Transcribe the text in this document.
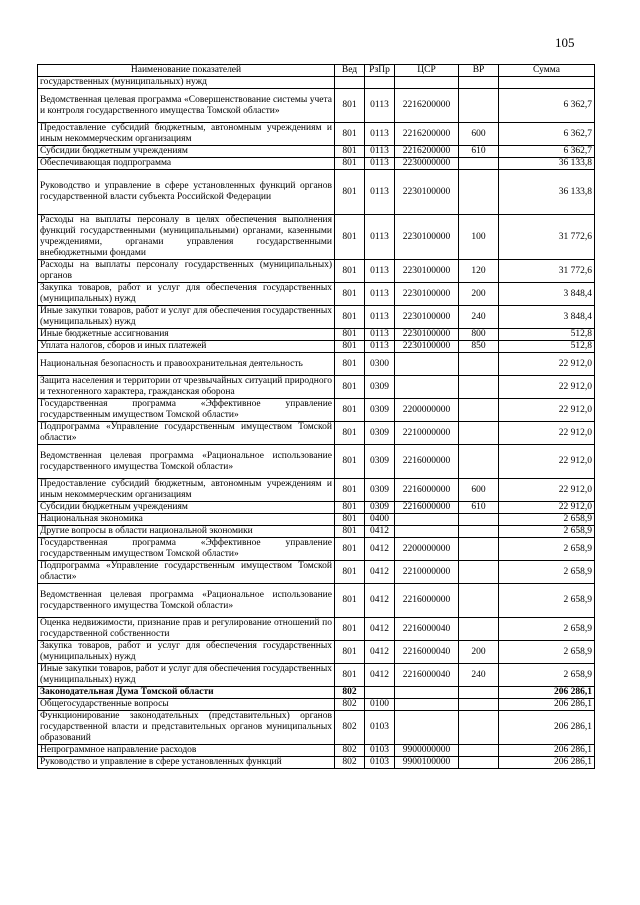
105
Наименование показателей	Вед	РзПр	ЦСР	ВР	Сумма
государственных (муниципальных) нужд					
Ведомственная целевая программа «Совершенствование системы учета и контроля государственного имущества Томской области»	801	0113	2216200000		6 362,7
Предоставление субсидий бюджетным, автономным учреждениям и иным некоммерческим организациям	801	0113	2216200000	600	6 362,7
Субсидии бюджетным учреждениям	801	0113	2216200000	610	6 362,7
Обеспечивающая подпрограмма	801	0113	2230000000		36 133,8
Руководство и управление в сфере установленных функций органов государственной власти субъекта Российской Федерации	801	0113	2230100000		36 133,8
Расходы на выплаты персоналу в целях обеспечения выполнения функций государственными (муниципальными) органами, казенными учреждениями, органами управления государственными внебюджетными фондами	801	0113	2230100000	100	31 772,6
Расходы на выплаты персоналу государственных (муниципальных) органов	801	0113	2230100000	120	31 772,6
Закупка товаров, работ и услуг для обеспечения государственных (муниципальных) нужд	801	0113	2230100000	200	3 848,4
Иные закупки товаров, работ и услуг для обеспечения государственных (муниципальных) нужд	801	0113	2230100000	240	3 848,4
Иные бюджетные ассигнования	801	0113	2230100000	800	512,8
Уплата налогов, сборов и иных платежей	801	0113	2230100000	850	512,8
Национальная безопасность и правоохранительная деятельность	801	0300			22 912,0
Защита населения и территории от чрезвычайных ситуаций природного и техногенного характера, гражданская оборона	801	0309			22 912,0
Государственная программа «Эффективное управление государственным имуществом Томской области»	801	0309	2200000000		22 912,0
Подпрограмма «Управление государственным имуществом Томской области»	801	0309	2210000000		22 912,0
Ведомственная целевая программа «Рациональное использование государственного имущества Томской области»	801	0309	2216000000		22 912,0
Предоставление субсидий бюджетным, автономным учреждениям и иным некоммерческим организациям	801	0309	2216000000	600	22 912,0
Субсидии бюджетным учреждениям	801	0309	2216000000	610	22 912,0
Национальная экономика	801	0400			2 658,9
Другие вопросы в области национальной экономики	801	0412			2 658,9
Государственная программа «Эффективное управление государственным имуществом Томской области»	801	0412	2200000000		2 658,9
Подпрограмма «Управление государственным имуществом Томской области»	801	0412	2210000000		2 658,9
Ведомственная целевая программа «Рациональное использование государственного имущества Томской области»	801	0412	2216000000		2 658,9
Оценка недвижимости, признание прав и регулирование отношений по государственной собственности	801	0412	2216000040		2 658,9
Закупка товаров, работ и услуг для обеспечения государственных (муниципальных) нужд	801	0412	2216000040	200	2 658,9
Иные закупки товаров, работ и услуг для обеспечения государственных (муниципальных) нужд	801	0412	2216000040	240	2 658,9
Законодательная Дума Томской области	802				206 286,1
Общегосударственные вопросы	802	0100			206 286,1
Функционирование законодательных (представительных) органов государственной власти и представительных органов муниципальных образований	802	0103			206 286,1
Непрограммное направление расходов	802	0103	9900000000		206 286,1
Руководство и управление в сфере установленных функций	802	0103	9900100000		206 286,1
